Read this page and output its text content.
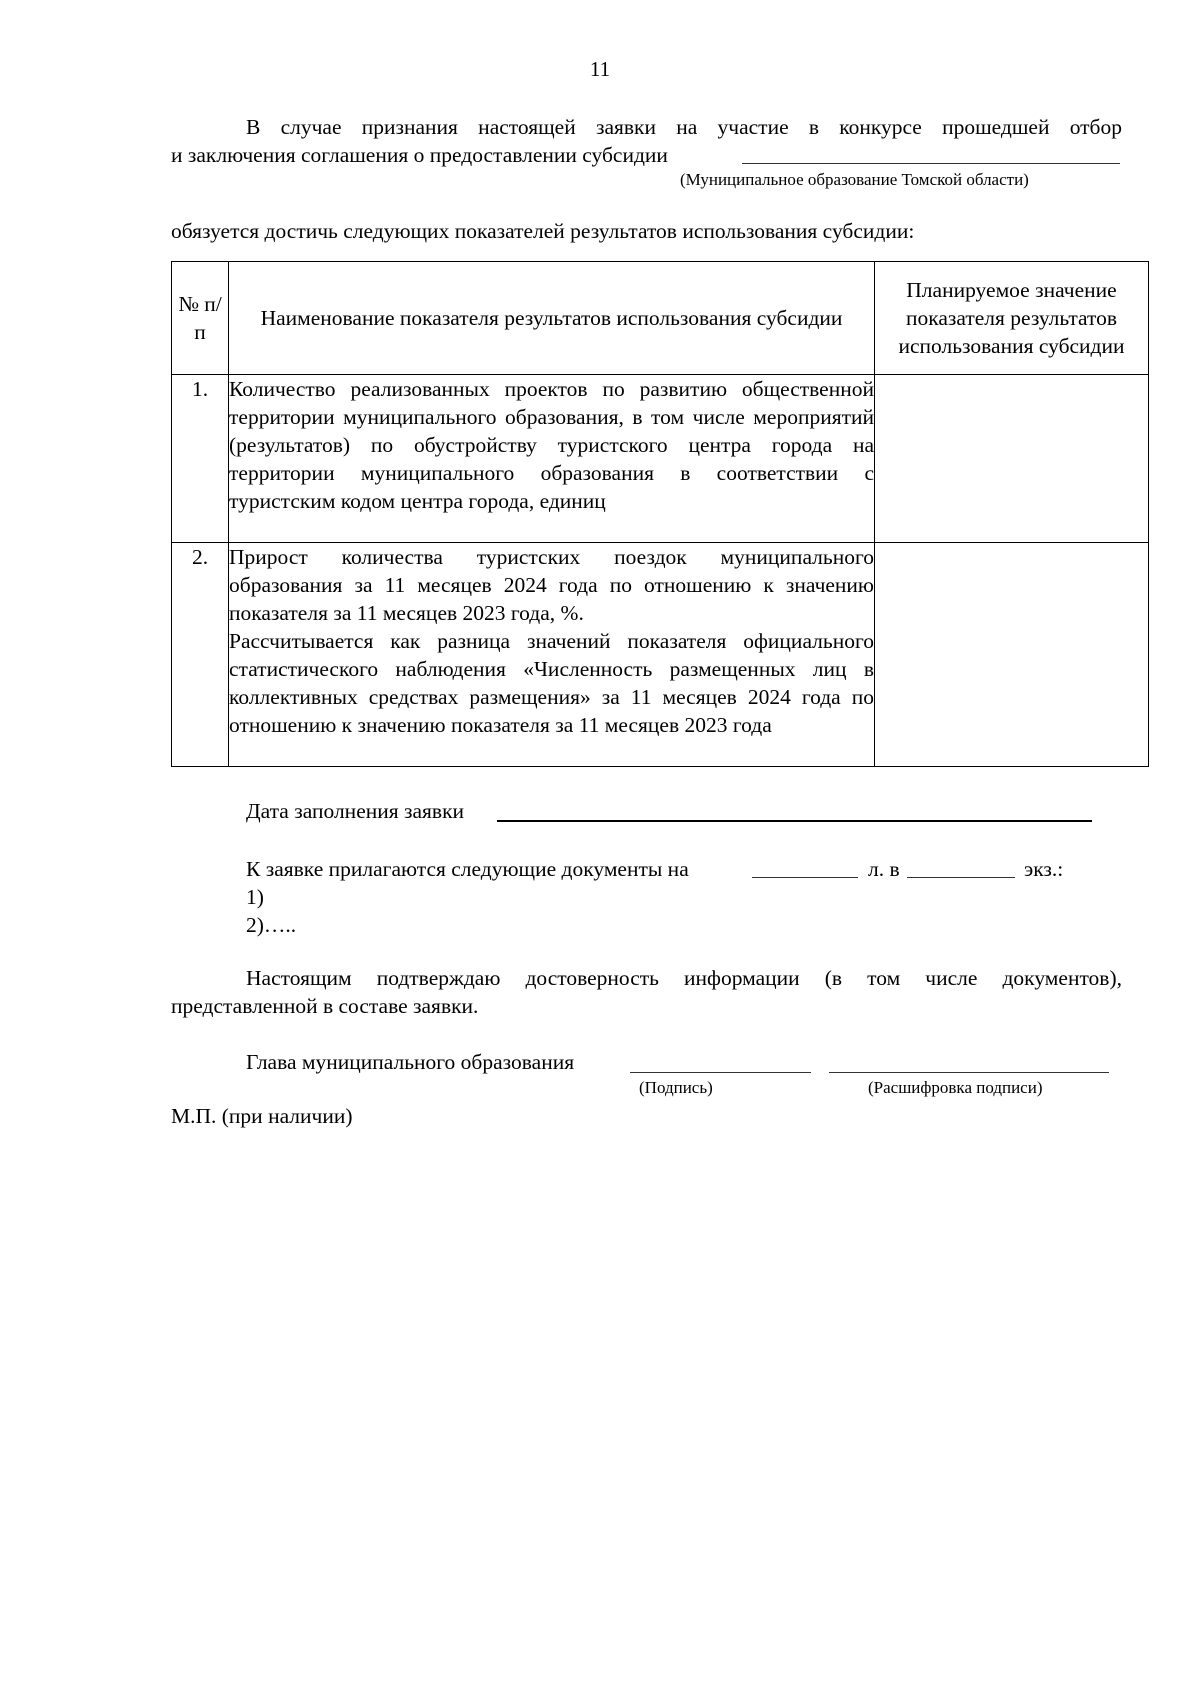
11
В случае признания настоящей заявки на участие в конкурсе прошедшей отбор
и заключения соглашения о предоставлении субсидии
(Муниципальное образование Томской области)
обязуется достичь следующих показателей результатов использования субсидии:
№ п/п	Наименование показателя результатов использования субсидии	Планируемое значение показателя результатов использования субсидии
1.	Количество реализованных проектов по развитию общественной территории муниципального образования, в том числе мероприятий (результатов) по обустройству туристского центра города на территории муниципального образования в соответствии с туристским кодом центра города, единиц	
2.	Прирост количества туристских поездок муниципального образования за 11 месяцев 2024 года по отношению к значению показателя за 11 месяцев 2023 года, %.
Рассчитывается как разница значений показателя официального статистического наблюдения «Численность размещенных лиц в коллективных средствах размещения» за 11 месяцев 2024 года по отношению к значению показателя за 11 месяцев 2023 года	

Дата заполнения заявки
К заявке прилагаются следующие документы на	л. в	экз.:
1)
2)…..
Настоящим подтверждаю достоверность информации (в том числе документов), представленной в составе заявки.
Глава муниципального образования
(Подпись)	(Расшифровка подписи)
М.П. (при наличии)
